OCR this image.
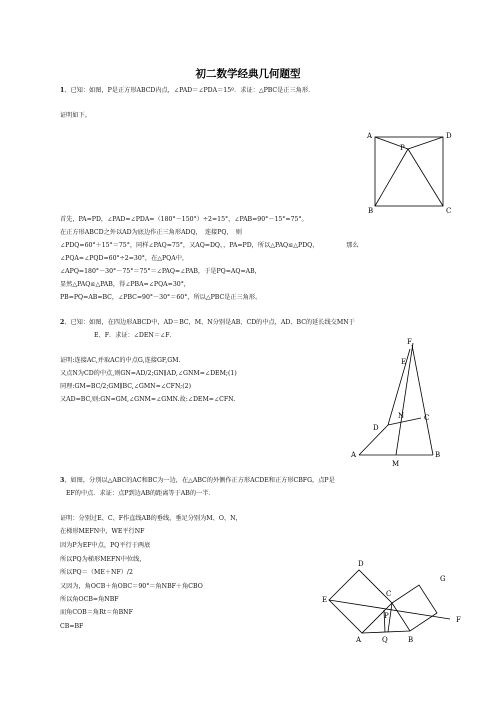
初二数学经典几何题型
1、已知：如图，P是正方形ABCD内点，∠PAD＝∠PDA＝15º．求证：△PBC是正三角形．
证明如下。
A	D
P
B	C
首先，PA=PD，∠PAD=∠PDA=（180°－150°）÷2=15°，∠PAB=90°－15°=75°。
在正方形ABCD之外以AD为底边作正三角形ADQ，　连接PQ，　则
∠PDQ=60°＋15°＝75°，同样∠PAQ=75°，又AQ=DQ，，PA=PD，所以△PAQ≌△PDQ，　　　　　那么
∠PQA=∠PQD=60°÷2=30°，在△PQA中，
∠APQ=180°－30°－75°＝75°＝∠PAQ=∠PAB，于是PQ=AQ=AB，
显然△PAQ≌△PAB，得∠PBA=∠PQA=30°，
PB=PQ=AB=BC，∠PBC=90°－30°＝60°，所以△PBC是正三角形。
2、已知：如图，在四边形ABCD中，AD＝BC，M、N分别是AB、CD的中点，AD、BC的延长线交MN于
E、F．求证：∠DEN＝∠F．
证明:连接AC,并取AC的中点G,连接GF,GM.
又点N为CD的中点,则GN=AD/2;GN∥AD,∠GNM=∠DEM;(1)
同理:GM=BC/2;GM∥BC,∠GMN=∠CFN;(2)
又AD=BC,则:GN=GM,∠GNM=∠GMN.故:∠DEM=∠CFN.
F
E
N	C
D
A
M
B
3、如图，分别以△ABC的AC和BC为一边，在△ABC的外侧作正方形ACDE和正方形CBFG，点P是
EF的中点．求证：点P到边AB的距离等于AB的一半．
证明：分别过E、C、F作直线AB的垂线，垂足分别为M、O、N，
在梯形MEFN中，WE平行NF
因为P为EF中点，PQ平行于两底
所以PQ为梯形MEFN中位线，
所以PQ＝（ME＋NF）/2
又因为，角OCB＋角OBC＝90°＝角NBF＋角CBO
所以角OCB=角NBF
而角COB＝角Rt＝角BNF
CB=BF
D
G
C
E
P	F
A	Q	B
